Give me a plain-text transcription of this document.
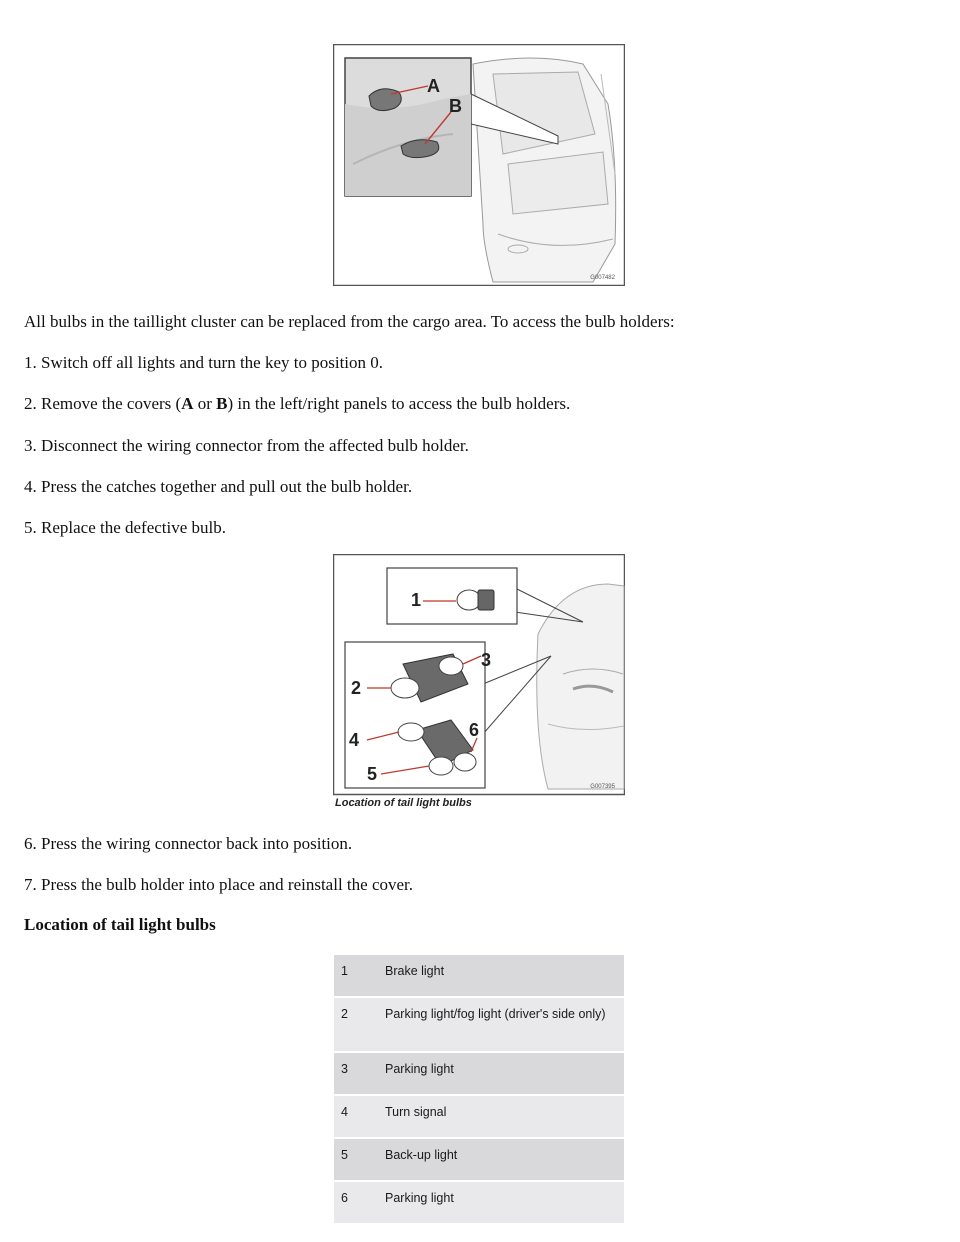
A
B
G007482

All bulbs in the taillight cluster can be replaced from the cargo area. To access the bulb holders:

1. Switch off all lights and turn the key to position 0.

2. Remove the covers (A or B) in the left/right panels to access the bulb holders.

3. Disconnect the wiring connector from the affected bulb holder.

4. Press the catches together and pull out the bulb holder.

5. Replace the defective bulb.

1
2
3
4
5
6
G007395
Location of tail light bulbs

6. Press the wiring connector back into position.

7. Press the bulb holder into place and reinstall the cover.

Location of tail light bulbs

1	Brake light
2	Parking light/fog light (driver's side only)
3	Parking light
4	Turn signal
5	Back-up light
6	Parking light
